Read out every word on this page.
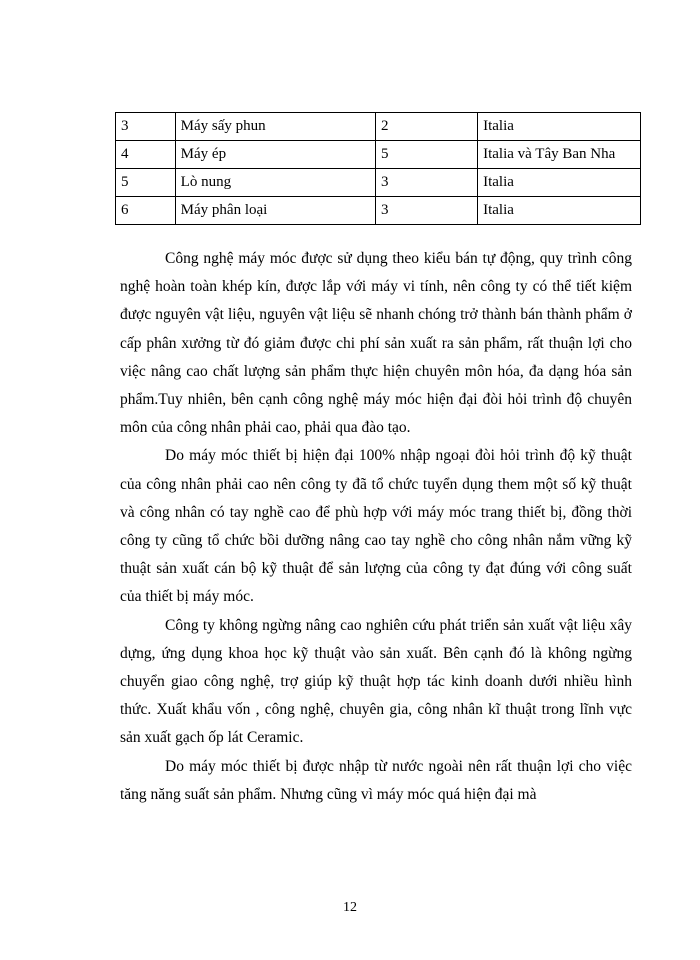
3	Máy sấy phun	2	Italia
4	Máy ép	5	Italia và Tây Ban Nha
5	Lò nung	3	Italia
6	Máy phân loại	3	Italia

Công nghệ máy móc được sử dụng theo kiểu bán tự động, quy trình công nghệ hoàn toàn khép kín, được lắp với máy vi tính, nên công ty có thể tiết kiệm được nguyên vật liệu, nguyên vật liệu sẽ nhanh chóng trở thành bán thành phẩm ở cấp phân xưởng từ đó giảm được chi phí sản xuất ra sản phẩm, rất thuận lợi cho việc nâng cao chất lượng sản phẩm thực hiện chuyên môn hóa, đa dạng hóa sản phẩm.Tuy nhiên, bên cạnh công nghệ máy móc hiện đại đòi hỏi trình độ chuyên môn của công nhân phải cao, phải qua đào tạo.

Do máy móc thiết bị hiện đại 100% nhập ngoại đòi hỏi trình độ kỹ thuật của công nhân phải cao nên công ty đã tổ chức tuyển dụng them một số kỹ thuật và công nhân có tay nghề cao để phù hợp với máy móc trang thiết bị, đồng thời công ty cũng tổ chức bồi dưỡng nâng cao tay nghề cho công nhân nắm vững kỹ thuật sản xuất cán bộ kỹ thuật để sản lượng của công ty đạt đúng với công suất của thiết bị máy móc.

Công ty không ngừng nâng cao nghiên cứu phát triển sản xuất vật liệu xây dựng, ứng dụng khoa học kỹ thuật vào sản xuất. Bên cạnh đó là không ngừng chuyển giao công nghệ, trợ giúp kỹ thuật hợp tác kinh doanh dưới nhiều hình thức. Xuất khẩu vốn , công nghệ, chuyên gia, công nhân kĩ thuật trong lĩnh vực sản xuất gạch ốp lát Ceramic.

Do máy móc thiết bị được nhập từ nước ngoài nên rất thuận lợi cho việc tăng năng suất sản phẩm. Nhưng cũng vì máy móc quá hiện đại mà

12
